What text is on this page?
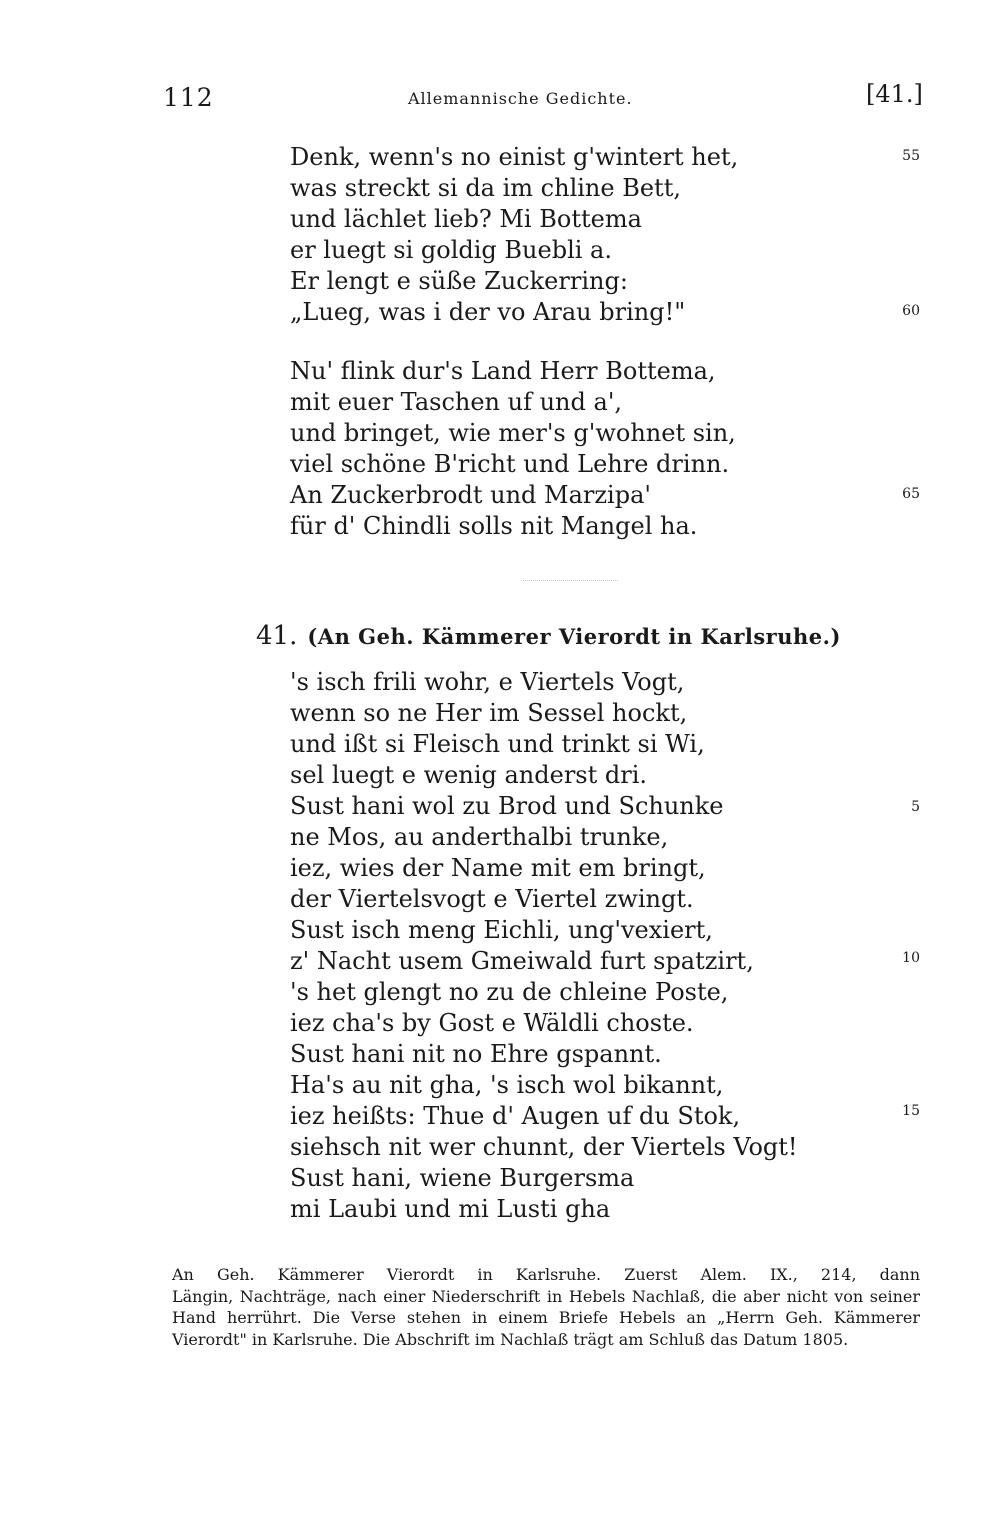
112	Allemannische Gedichte.	[41.]
Denk, wenn's no einist g'wintert het,
was streckt si da im chline Bett,
und lächlet lieb? Mi Bottema
er luegt si goldig Buebli a.
Er lengt e süße Zuckerring:
„Lueg, was i der vo Arau bring!"
55
60
Nu' flink dur's Land Herr Bottema,
mit euer Taschen uf und a',
und bringet, wie mer's g'wohnet sin,
viel schöne B'richt und Lehre drinn.
An Zuckerbrodt und Marzipa'
für d' Chindli solls nit Mangel ha.
65
41. (An Geh. Kämmerer Vierordt in Karlsruhe.)
's isch frili wohr, e Viertels Vogt,
wenn so ne Her im Sessel hockt,
und ißt si Fleisch und trinkt si Wi,
sel luegt e wenig anderst dri.
Sust hani wol zu Brod und Schunke
ne Mos, au anderthalbi trunke,
iez, wies der Name mit em bringt,
der Viertelsvogt e Viertel zwingt.
Sust isch meng Eichli, ung'vexiert,
z' Nacht usem Gmeiwald furt spatzirt,
's het glengt no zu de chleine Poste,
iez cha's by Gost e Wäldli choste.
Sust hani nit no Ehre gspannt.
Ha's au nit gha, 's isch wol bikannt,
iez heißts: Thue d' Augen uf du Stok,
siehsch nit wer chunnt, der Viertels Vogt!
Sust hani, wiene Burgersma
mi Laubi und mi Lusti gha
5
10
15
An Geh. Kämmerer Vierordt in Karlsruhe. Zuerst Alem. IX., 214, dann
Längin, Nachträge, nach einer Niederschrift in Hebels Nachlaß, die aber nicht von seiner
Hand herrührt. Die Verse stehen in einem Briefe Hebels an „Herrn Geh. Kämmerer
Vierordt" in Karlsruhe. Die Abschrift im Nachlaß trägt am Schluß das Datum 1805.
